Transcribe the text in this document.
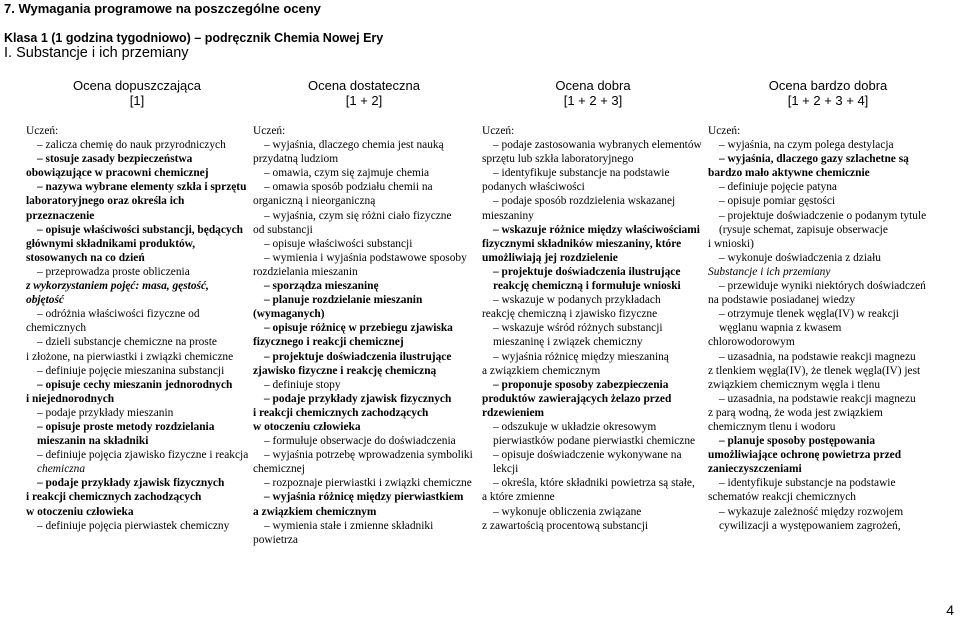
7. Wymagania programowe na poszczególne oceny
Klasa 1 (1 godzina tygodniowo) – podręcznik Chemia Nowej Ery
I. Substancje i ich przemiany
Ocena dopuszczająca
[1]
Uczeń:
– zalicza chemię do nauk przyrodniczych
– stosuje zasady bezpieczeństwa
obowiązujące w pracowni chemicznej
– nazywa wybrane elementy szkła i sprzętu
laboratoryjnego oraz określa ich
przeznaczenie
– opisuje właściwości substancji, będących
głównymi składnikami produktów,
stosowanych na co dzień
– przeprowadza proste obliczenia
z wykorzystaniem pojęć: masa, gęstość,
objętość
– odróżnia właściwości fizyczne od
chemicznych
– dzieli substancje chemiczne na proste
i złożone, na pierwiastki i związki chemiczne
– definiuje pojęcie mieszanina substancji
– opisuje cechy mieszanin jednorodnych
i niejednorodnych
– podaje przykłady mieszanin
– opisuje proste metody rozdzielania
mieszanin na składniki
– definiuje pojęcia zjawisko fizyczne i reakcja
chemiczna
– podaje przykłady zjawisk fizycznych
i reakcji chemicznych zachodzących
w otoczeniu człowieka
– definiuje pojęcia pierwiastek chemiczny
Ocena dostateczna
[1 + 2]
Uczeń:
– wyjaśnia, dlaczego chemia jest nauką
przydatną ludziom
– omawia, czym się zajmuje chemia
– omawia sposób podziału chemii na
organiczną i nieorganiczną
– wyjaśnia, czym się różni ciało fizyczne
od substancji
– opisuje właściwości substancji
– wymienia i wyjaśnia podstawowe sposoby
rozdzielania mieszanin
– sporządza mieszaninę
– planuje rozdzielanie mieszanin
(wymaganych)
– opisuje różnicę w przebiegu zjawiska
fizycznego i reakcji chemicznej
– projektuje doświadczenia ilustrujące
zjawisko fizyczne i reakcję chemiczną
– definiuje stopy
– podaje przykłady zjawisk fizycznych
i reakcji chemicznych zachodzących
w otoczeniu człowieka
– formułuje obserwacje do doświadczenia
– wyjaśnia potrzebę wprowadzenia symboliki
chemicznej
– rozpoznaje pierwiastki i związki chemiczne
– wyjaśnia różnicę między pierwiastkiem
a związkiem chemicznym
– wymienia stałe i zmienne składniki
powietrza
Ocena dobra
[1 + 2 + 3]
Uczeń:
– podaje zastosowania wybranych elementów
sprzętu lub szkła laboratoryjnego
– identyfikuje substancje na podstawie
podanych właściwości
– podaje sposób rozdzielenia wskazanej
mieszaniny
– wskazuje różnice między właściwościami
fizycznymi składników mieszaniny, które
umożliwiają jej rozdzielenie
– projektuje doświadczenia ilustrujące
reakcję chemiczną i formułuje wnioski
– wskazuje w podanych przykładach
reakcję chemiczną i zjawisko fizyczne
– wskazuje wśród różnych substancji
mieszaninę i związek chemiczny
– wyjaśnia różnicę między mieszaniną
a związkiem chemicznym
– proponuje sposoby zabezpieczenia
produktów zawierających żelazo przed
rdzewieniem
– odszukuje w układzie okresowym
pierwiastków podane pierwiastki chemiczne
– opisuje doświadczenie wykonywane na
lekcji
– określa, które składniki powietrza są stałe,
a które zmienne
– wykonuje obliczenia związane
z zawartością procentową substancji
Ocena bardzo dobra
[1 + 2 + 3 + 4]
Uczeń:
– wyjaśnia, na czym polega destylacja
– wyjaśnia, dlaczego gazy szlachetne są
bardzo mało aktywne chemicznie
– definiuje pojęcie patyna
– opisuje pomiar gęstości
– projektuje doświadczenie o podanym tytule
(rysuje schemat, zapisuje obserwacje
i wnioski)
– wykonuje doświadczenia z działu
Substancje i ich przemiany
– przewiduje wyniki niektórych doświadczeń
na podstawie posiadanej wiedzy
– otrzymuje tlenek węgla(IV) w reakcji
węglanu wapnia z kwasem
chlorowodorowym
– uzasadnia, na podstawie reakcji magnezu
z tlenkiem węgla(IV), że tlenek węgla(IV) jest
związkiem chemicznym węgla i tlenu
– uzasadnia, na podstawie reakcji magnezu
z parą wodną, że woda jest związkiem
chemicznym tlenu i wodoru
– planuje sposoby postępowania
umożliwiające ochronę powietrza przed
zanieczyszczeniami
– identyfikuje substancje na podstawie
schematów reakcji chemicznych
– wykazuje zależność między rozwojem
cywilizacji a występowaniem zagrożeń,
4
